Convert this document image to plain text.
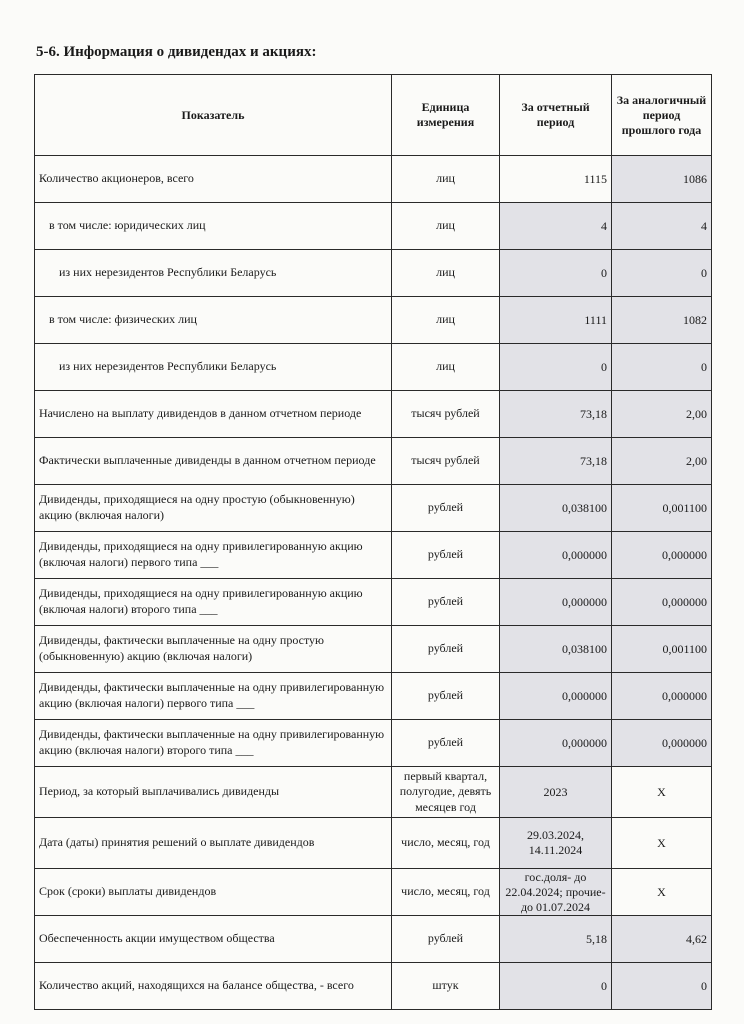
5-6. Информация о дивидендах и акциях:
Показатель	Единица измерения	За отчетный период	За аналогичный период прошлого года
Количество акционеров, всего	лиц	1115	1086
в том числе: юридических лиц	лиц	4	4
из них нерезидентов Республики Беларусь	лиц	0	0
в том числе: физических лиц	лиц	1111	1082
из них нерезидентов Республики Беларусь	лиц	0	0
Начислено на выплату дивидендов в данном отчетном периоде	тысяч рублей	73,18	2,00
Фактически выплаченные дивиденды в данном отчетном периоде	тысяч рублей	73,18	2,00
Дивиденды, приходящиеся на одну простую (обыкновенную) акцию (включая налоги)	рублей	0,038100	0,001100
Дивиденды, приходящиеся на одну привилегированную акцию (включая налоги) первого типа ___	рублей	0,000000	0,000000
Дивиденды, приходящиеся на одну привилегированную акцию (включая налоги) второго типа ___	рублей	0,000000	0,000000
Дивиденды, фактически выплаченные на одну простую (обыкновенную) акцию (включая налоги)	рублей	0,038100	0,001100
Дивиденды, фактически выплаченные на одну привилегированную акцию (включая налоги) первого типа ___	рублей	0,000000	0,000000
Дивиденды, фактически выплаченные на одну привилегированную акцию (включая налоги) второго типа ___	рублей	0,000000	0,000000
Период, за который выплачивались дивиденды	первый квартал, полугодие, девять месяцев год	2023	X
Дата (даты) принятия решений о выплате дивидендов	число, месяц, год	29.03.2024, 14.11.2024	X
Срок (сроки) выплаты дивидендов	число, месяц, год	гос.доля- до 22.04.2024; прочие- до 01.07.2024	X
Обеспеченность акции имуществом общества	рублей	5,18	4,62
Количество акций, находящихся на балансе общества, - всего	штук	0	0
